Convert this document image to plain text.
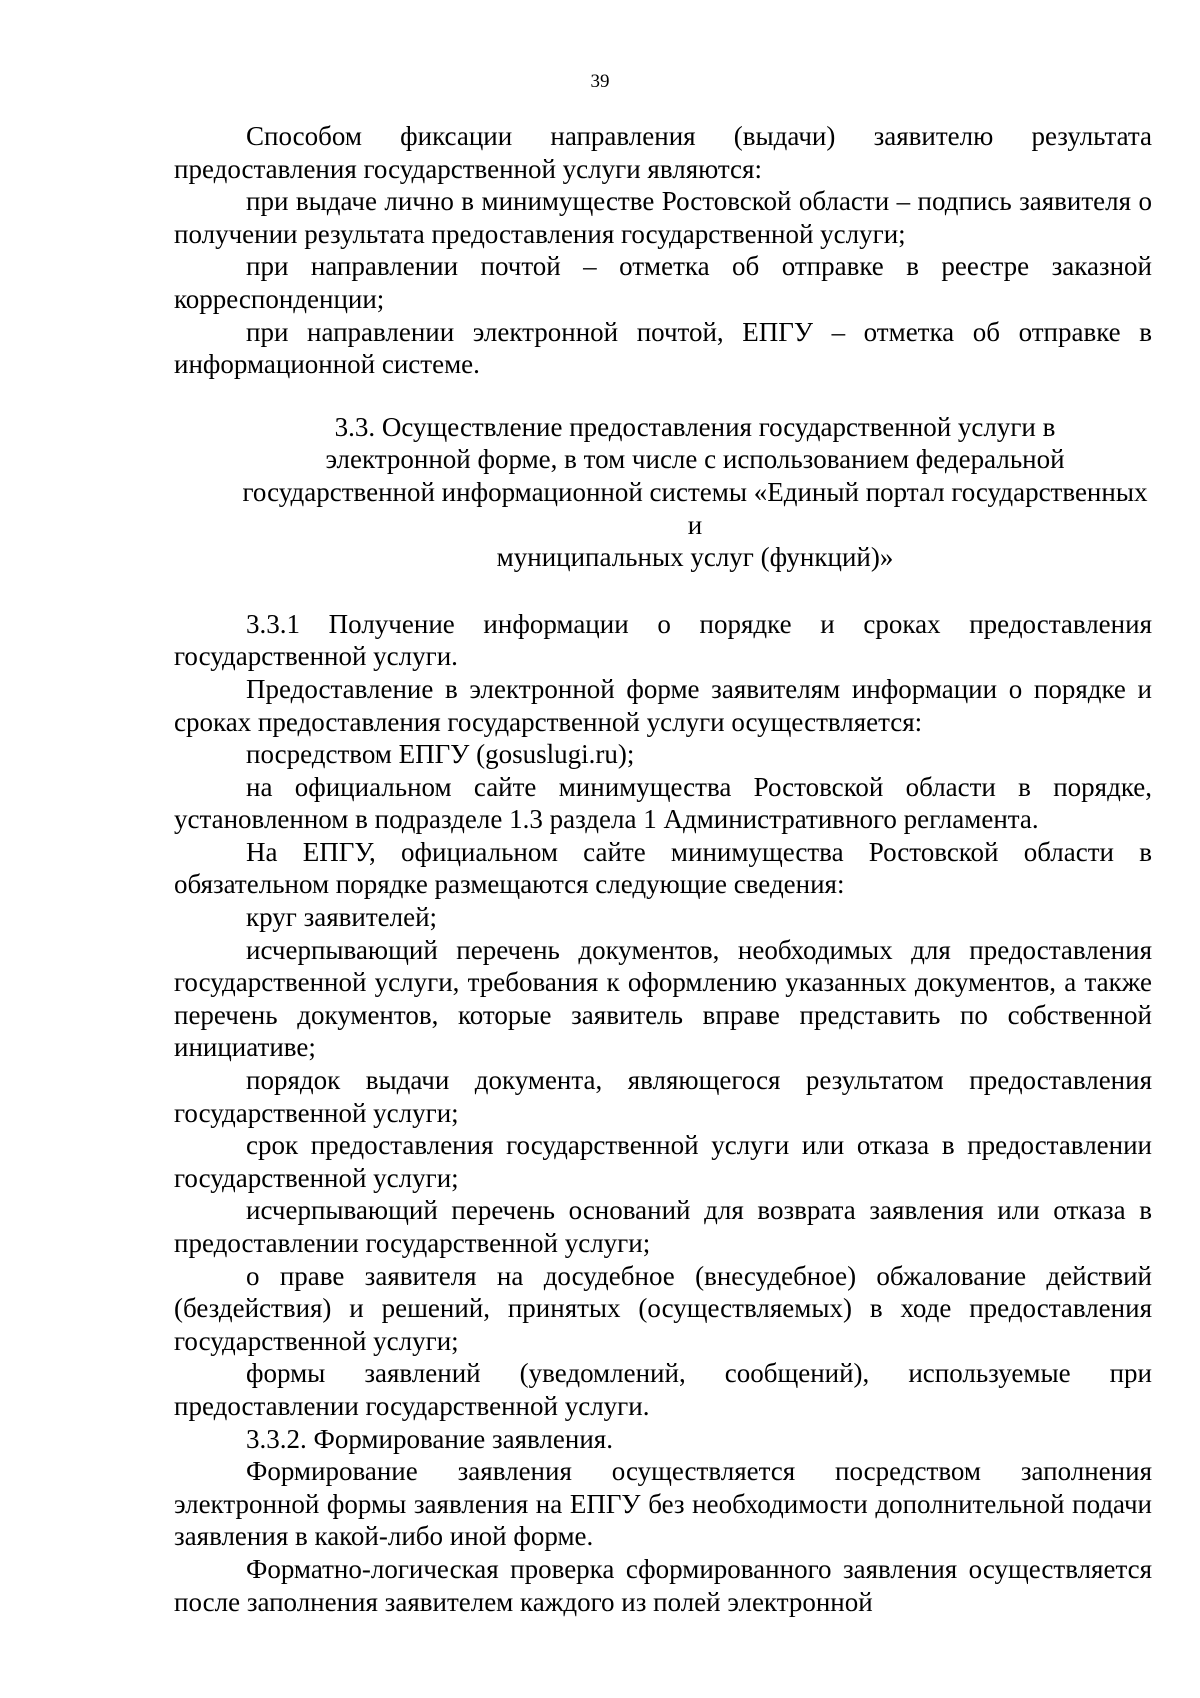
39

Способом фиксации направления (выдачи) заявителю результата предоставления государственной услуги являются:

при выдаче лично в минимуществе Ростовской области – подпись заявителя о получении результата предоставления государственной услуги;

при направлении почтой – отметка об отправке в реестре заказной корреспонденции;

при направлении электронной почтой, ЕПГУ – отметка об отправке в информационной системе.

3.3. Осуществление предоставления государственной услуги в
электронной форме, в том числе с использованием федеральной
государственной информационной системы «Единый портал государственных и
муниципальных услуг (функций)»

3.3.1 Получение информации о порядке и сроках предоставления государственной услуги.

Предоставление в электронной форме заявителям информации о порядке и сроках предоставления государственной услуги осуществляется:

посредством ЕПГУ (gosuslugi.ru);

на официальном сайте минимущества Ростовской области в порядке, установленном в подразделе 1.3 раздела 1 Административного регламента.

На ЕПГУ, официальном сайте минимущества Ростовской области в обязательном порядке размещаются следующие сведения:

круг заявителей;

исчерпывающий перечень документов, необходимых для предоставления государственной услуги, требования к оформлению указанных документов, а также перечень документов, которые заявитель вправе представить по собственной инициативе;

порядок выдачи документа, являющегося результатом предоставления государственной услуги;

срок предоставления государственной услуги или отказа в предоставлении государственной услуги;

исчерпывающий перечень оснований для возврата заявления или отказа в предоставлении государственной услуги;

о праве заявителя на досудебное (внесудебное) обжалование действий (бездействия) и решений, принятых (осуществляемых) в ходе предоставления государственной услуги;

формы заявлений (уведомлений, сообщений), используемые при предоставлении государственной услуги.

3.3.2. Формирование заявления.

Формирование заявления осуществляется посредством заполнения электронной формы заявления на ЕПГУ без необходимости дополнительной подачи заявления в какой-либо иной форме.

Форматно-логическая проверка сформированного заявления осуществляется после заполнения заявителем каждого из полей электронной
